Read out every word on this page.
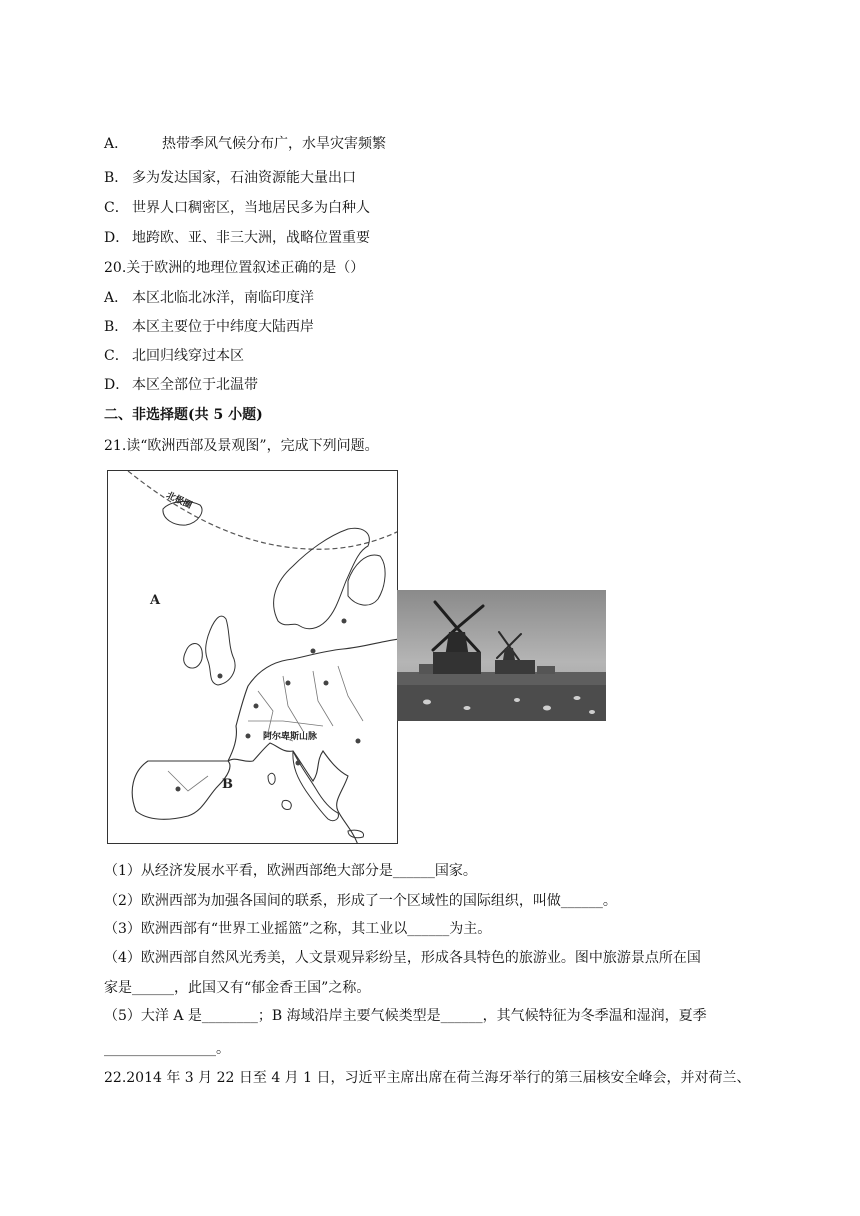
A． 热带季风气候分布广，水旱灾害频繁
B． 多为发达国家，石油资源能大量出口
C． 世界人口稠密区，当地居民多为白种人
D． 地跨欧、亚、非三大洲，战略位置重要
20.关于欧洲的地理位置叙述正确的是（）
A． 本区北临北冰洋，南临印度洋
B． 本区主要位于中纬度大陆西岸
C． 北回归线穿过本区
D． 本区全部位于北温带
二、非选择题(共 5 小题)
21.读“欧洲西部及景观图”，完成下列问题。
北极圈
A
B
阿尔卑斯山脉
（1）从经济发展水平看，欧洲西部绝大部分是______国家。
（2）欧洲西部为加强各国间的联系，形成了一个区域性的国际组织，叫做______。
（3）欧洲西部有“世界工业摇篮”之称，其工业以______为主。
（4）欧洲西部自然风光秀美，人文景观异彩纷呈，形成各具特色的旅游业。图中旅游景点所在国
家是______，此国又有“郁金香王国”之称。
（5）大洋 A 是________；B 海域沿岸主要气候类型是______，其气候特征为冬季温和湿润，夏季
________________。
22.2014 年 3 月 22 日至 4 月 1 日，习近平主席出席在荷兰海牙举行的第三届核安全峰会，并对荷兰、
